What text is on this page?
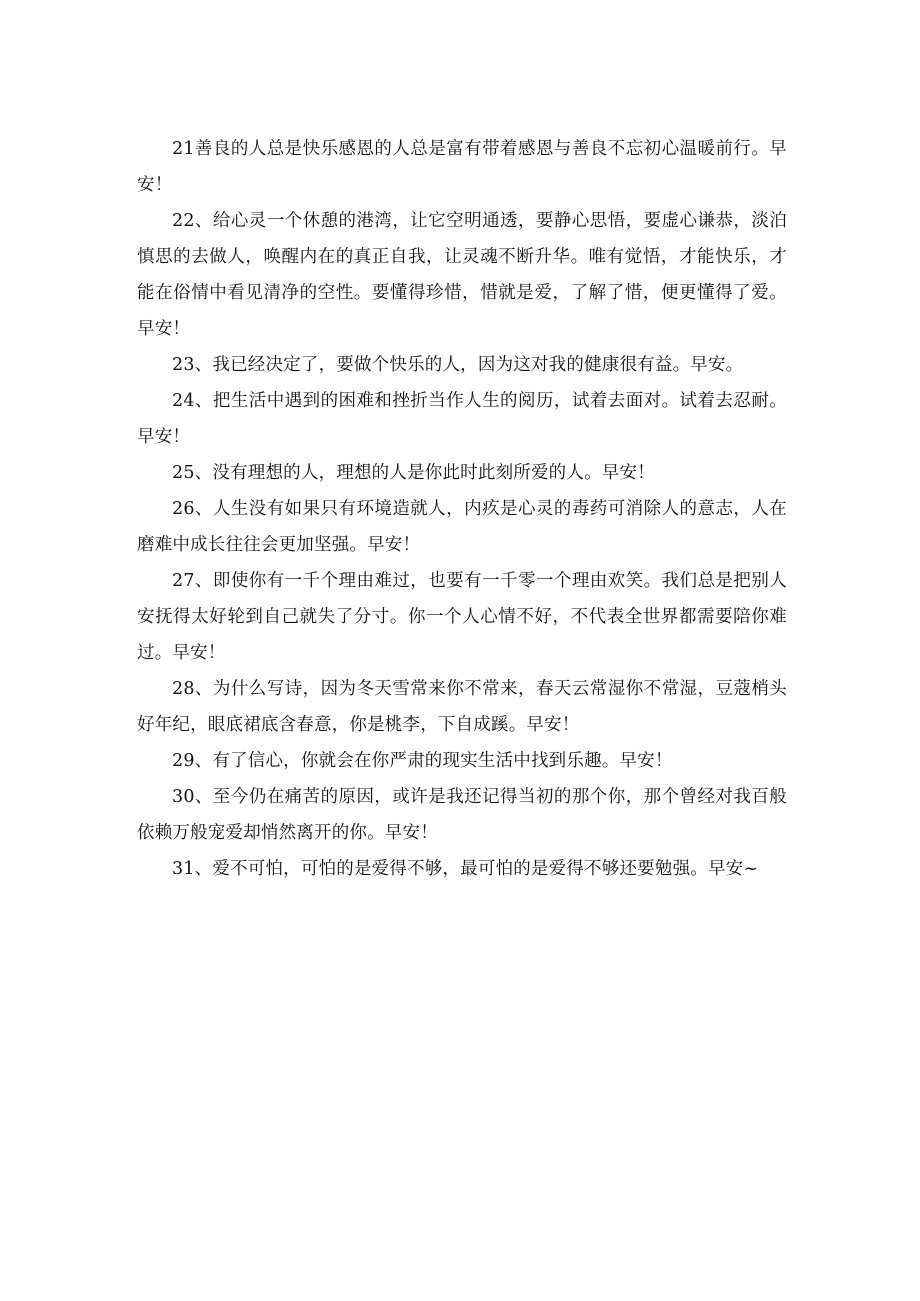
21善良的人总是快乐感恩的人总是富有带着感恩与善良不忘初心温暖前行。早安！

22、给心灵一个休憩的港湾，让它空明通透，要静心思悟，要虚心谦恭，淡泊慎思的去做人，唤醒内在的真正自我，让灵魂不断升华。唯有觉悟，才能快乐，才能在俗情中看见清净的空性。要懂得珍惜，惜就是爱，了解了惜，便更懂得了爱。早安！

23、我已经决定了，要做个快乐的人，因为这对我的健康很有益。早安。

24、把生活中遇到的困难和挫折当作人生的阅历，试着去面对。试着去忍耐。早安！

25、没有理想的人，理想的人是你此时此刻所爱的人。早安！

26、人生没有如果只有环境造就人，内疚是心灵的毒药可消除人的意志，人在磨难中成长往往会更加坚强。早安！

27、即使你有一千个理由难过，也要有一千零一个理由欢笑。我们总是把别人安抚得太好轮到自己就失了分寸。你一个人心情不好，不代表全世界都需要陪你难过。早安！

28、为什么写诗，因为冬天雪常来你不常来，春天云常湿你不常湿，豆蔻梢头好年纪，眼底裙底含春意，你是桃李，下自成蹊。早安！

29、有了信心，你就会在你严肃的现实生活中找到乐趣。早安！

30、至今仍在痛苦的原因，或许是我还记得当初的那个你，那个曾经对我百般依赖万般宠爱却悄然离开的你。早安！

31、爱不可怕，可怕的是爱得不够，最可怕的是爱得不够还要勉强。早安~
